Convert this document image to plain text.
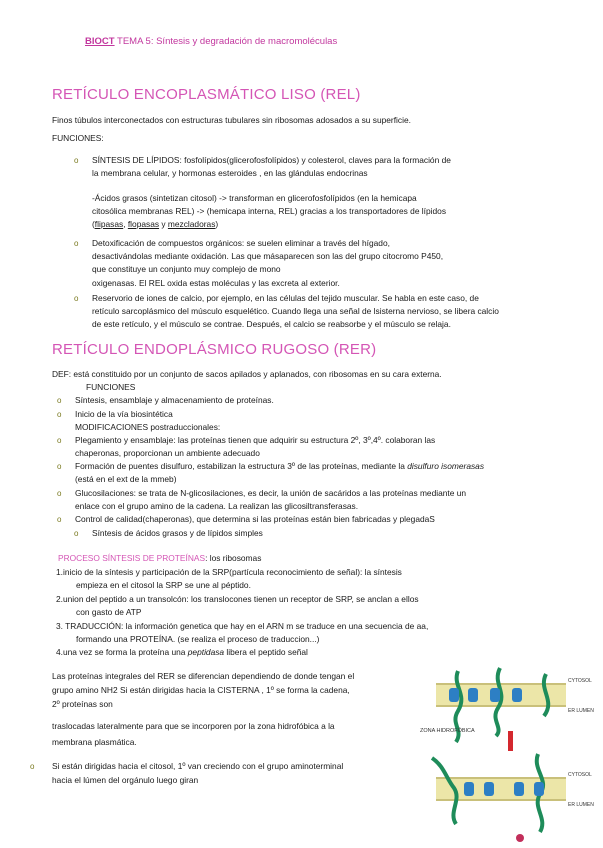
BIOCT TEMA 5: Síntesis y degradación de macromoléculas
RETÍCULO ENCOPLASMÁTICO LISO (REL)
Finos túbulos interconectados con estructuras tubulares sin ribosomas adosados a su superficie.
FUNCIONES:
o SÍNTESIS DE LÍPIDOS: fosfolípidos(glicerofosfolípidos) y colesterol, claves para la formación de
la membrana celular, y hormonas esteroides , en las glándulas endocrinas
-Ácidos grasos (sintetizan citosol) -> transforman en glicerofosfolípidos (en la hemicapa
citosólica membranas REL) -> (hemicapa interna, REL) gracias a los transportadores de lípidos
(flipasas, flopasas y mezcladoras)
o Detoxificación de compuestos orgánicos: se suelen eliminar a través del hígado,
desactivándolas mediante oxidación. Las que másaparecen son las del grupo citocromo P450,
que constituye un conjunto muy complejo de mono
oxigenasas. El REL oxida estas moléculas y las excreta al exterior.
o Reservorio de iones de calcio, por ejemplo, en las células del tejido muscular. Se habla en este caso, de
retículo sarcoplásmico del músculo esquelético. Cuando llega una señal de lsisterna nervioso, se libera calcio
de este retículo, y el músculo se contrae. Después, el calcio se reabsorbe y el músculo se relaja.
RETÍCULO ENDOPLÁSMICO RUGOSO (RER)
DEF: está constituido por un conjunto de sacos apilados y aplanados, con ribosomas en su cara externa.
FUNCIONES
o Síntesis, ensamblaje y almacenamiento de proteínas.
o Inicio de la vía biosintética
MODIFICACIONES postraduccionales:
o Plegamiento y ensamblaje: las proteínas tienen que adquirir su estructura 2º, 3º,4º. colaboran las
chaperonas, proporcionan un ambiente adecuado
o Formación de puentes disulfuro, estabilizan la estructura 3º de las proteínas, mediante la disulfuro isomerasas
(está en el ext de la mmeb)
o Glucosilaciones: se trata de N-glicosilaciones, es decir, la unión de sacáridos a las proteínas mediante un
enlace con el grupo amino de la cadena. La realizan las glicosiltransferasas.
o Control de calidad(chaperonas), que determina si las proteínas están bien fabricadas y plegadaS
o Síntesis de ácidos grasos y de lípidos simples
PROCESO SÍNTESIS DE PROTEÍNAS: los ribosomas
1.inicio de la síntesis y participación de la SRP(partícula reconocimiento de señal): la síntesis
empieza en el citosol la SRP se une al péptido.
2.union del peptido a un transolcón: los translocones tienen un receptor de SRP, se anclan a ellos
con gasto de ATP
3. TRADUCCIÓN: la información genetica que hay en el ARN m se traduce en una secuencia de aa,
formando una PROTEÍNA. (se realiza el proceso de traduccion...)
4.una vez se forma la proteína una peptidasa libera el peptido señal
Las proteínas integrales del RER se diferencian dependiendo de donde tengan el
grupo amino NH2 Si están dirigidas hacia la CISTERNA , 1º se forma la cadena,
2º proteínas son
traslocadas lateralmente para que se incorporen por la zona hidrofóbica a la
membrana plasmática.
o Si están dirigidas hacia el citosol, 1º van creciendo con el grupo aminoterminal
hacia el lúmen del orgánulo luego giran
CYTOSOL
ER LUMEN
CYTOSOL
ER LUMEN
ZONA HIDROFÓBICA
